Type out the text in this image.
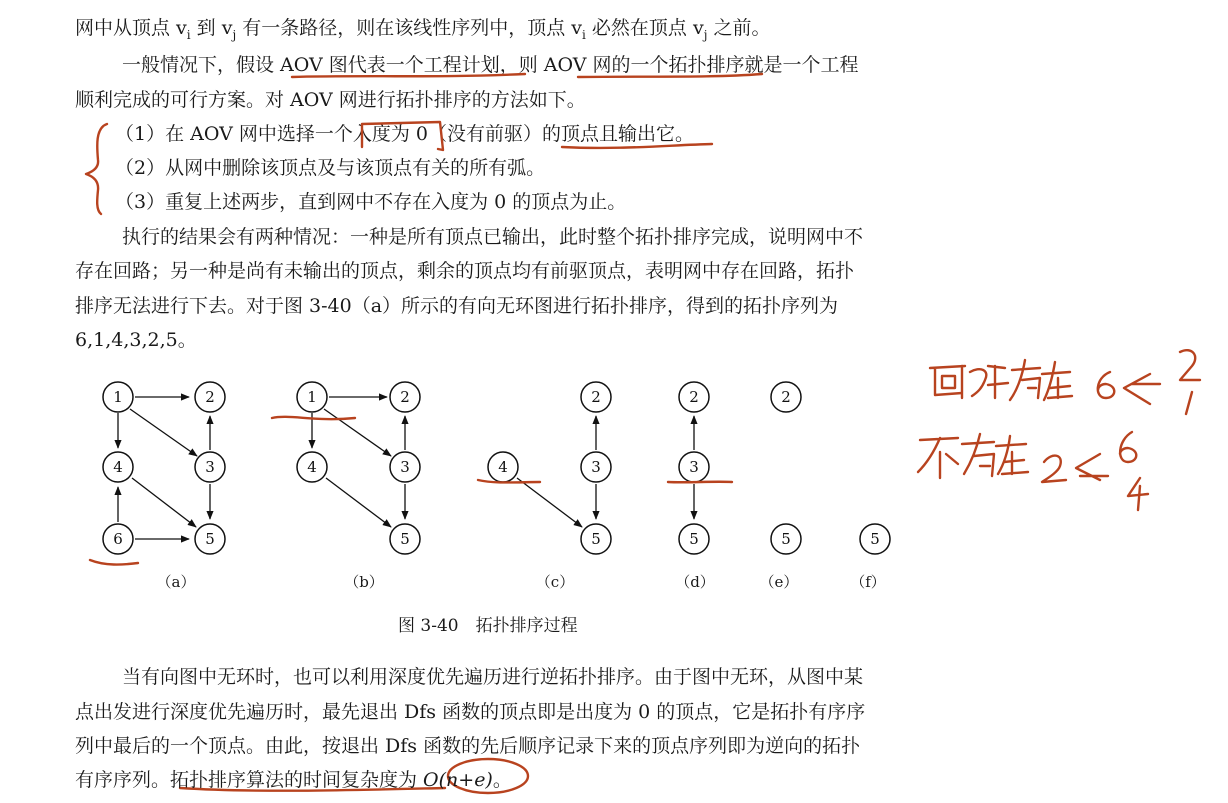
网中从顶点 $v_i$ 到 $v_j$ 有一条路径，则在该线性序列中，顶点 $v_i$ 必然在顶点 $v_j$ 之前。
一般情况下，假设 AOV 图代表一个工程计划，则 AOV 网的一个拓扑排序就是一个工程
顺利完成的可行方案。对 AOV 网进行拓扑排序的方法如下。
（1）在 AOV 网中选择一个入度为 0（没有前驱）的顶点且输出它。
（2）从网中删除该顶点及与该顶点有关的所有弧。
（3）重复上述两步，直到网中不存在入度为 0 的顶点为止。
执行的结果会有两种情况：一种是所有顶点已输出，此时整个拓扑排序完成，说明网中不
存在回路；另一种是尚有未输出的顶点，剩余的顶点均有前驱顶点，表明网中存在回路，拓扑
排序无法进行下去。对于图 3-40（a）所示的有向无环图进行拓扑排序，得到的拓扑序列为
6,1,4,3,2,5。
1	2
3
4
5
6
1	2
3
4
5
2
3
4
5
2
3
5
2
5	5
（a）	（b）	（c）	（d）	（e）	（f）
图 3-40　拓扑排序过程
当有向图中无环时，也可以利用深度优先遍历进行逆拓扑排序。由于图中无环，从图中某
点出发进行深度优先遍历时，最先退出 Dfs 函数的顶点即是出度为 0 的顶点，它是拓扑有序序
列中最后的一个顶点。由此，按退出 Dfs 函数的先后顺序记录下来的顶点序列即为逆向的拓扑
有序序列。拓扑排序算法的时间复杂度为 O(n+e)。
